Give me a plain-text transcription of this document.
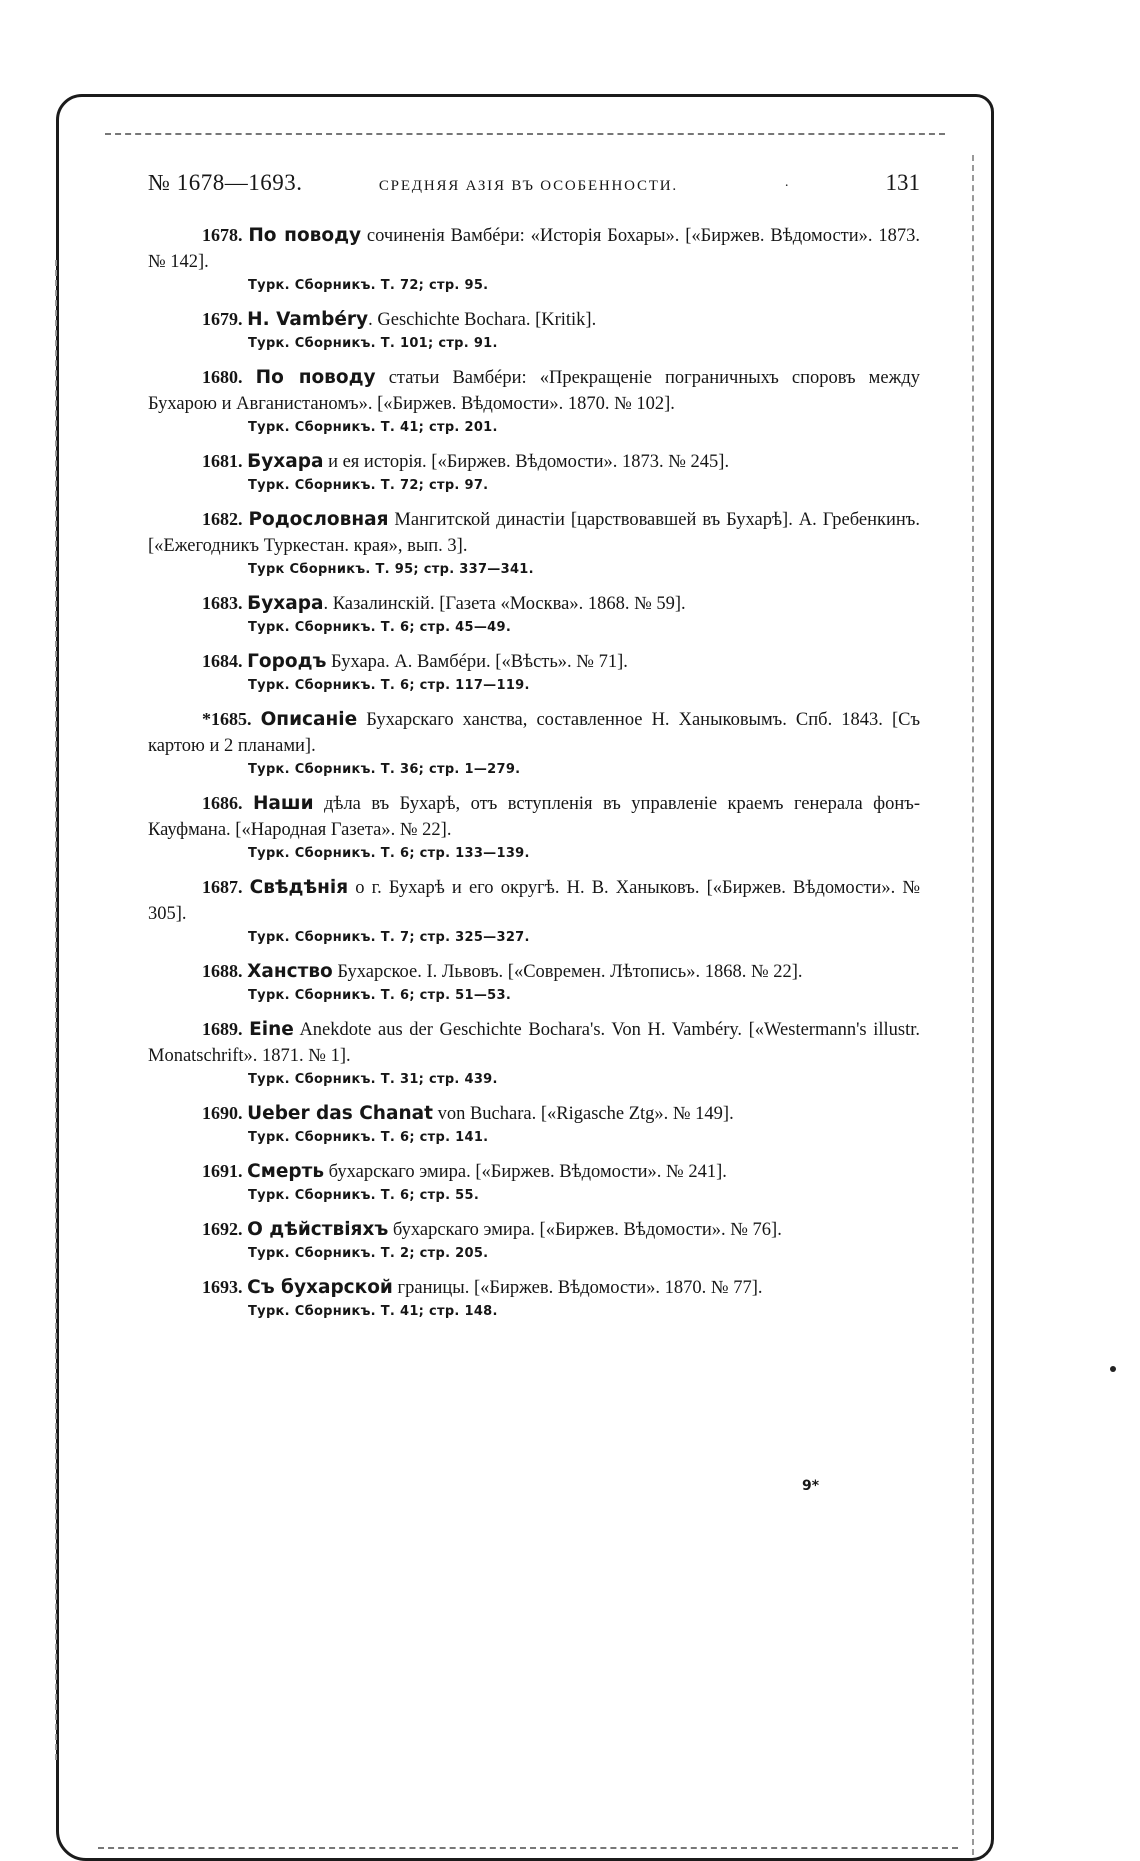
№ 1678—1693.	СРЕДНЯЯ АЗІЯ ВЪ ОСОБЕННОСТИ.	·	131
1678. По поводу сочиненія Вамбéри: «Исторія Бохары». [«Биржев. Вѣдомости». 1873. № 142].
Турк. Сборникъ. Т. 72; стр. 95.
1679. H. Vambéry. Geschichte Bochara. [Kritik].
Турк. Сборникъ. Т. 101; стр. 91.
1680. По поводу статьи Вамбéри: «Прекращеніе пограничныхъ споровъ между Бухарою и Авганистаномъ». [«Биржев. Вѣдомости». 1870. № 102].
Турк. Сборникъ. Т. 41; стр. 201.
1681. Бухара и ея исторія. [«Биржев. Вѣдомости». 1873. № 245].
Турк. Сборникъ. Т. 72; стр. 97.
1682. Родословная Мангитской династіи [царствовавшей въ Бухарѣ]. А. Гребенкинъ. [«Ежегодникъ Туркестан. края», вып. 3].
Турк Сборникъ. Т. 95; стр. 337—341.
1683. Бухара. Казалинскій. [Газета «Москва». 1868. № 59].
Турк. Сборникъ. Т. 6; стр. 45—49.
1684. Городъ Бухара. А. Вамбéри. [«Вѣсть». № 71].
Турк. Сборникъ. Т. 6; стр. 117—119.
*1685. Описаніе Бухарскаго ханства, составленное Н. Ханыковымъ. Спб. 1843. [Съ картою и 2 планами].
Турк. Сборникъ. Т. 36; стр. 1—279.
1686. Наши дѣла въ Бухарѣ, отъ вступленія въ управленіе краемъ генерала фонъ-Кауфмана. [«Народная Газета». № 22].
Турк. Сборникъ. Т. 6; стр. 133—139.
1687. Свѣдѣнія о г. Бухарѣ и его округѣ. Н. В. Ханыковъ. [«Биржев. Вѣдомости». № 305].
Турк. Сборникъ. Т. 7; стр. 325—327.
1688. Ханство Бухарское. І. Львовъ. [«Современ. Лѣтопись». 1868. № 22].
Турк. Сборникъ. Т. 6; стр. 51—53.
1689. Eine Anekdote aus der Geschichte Bochara's. Von H. Vambéry. [«Westermann's illustr. Monatschrift». 1871. № 1].
Турк. Сборникъ. Т. 31; стр. 439.
1690. Ueber das Chanat von Buchara. [«Rigasche Ztg». № 149].
Турк. Сборникъ. Т. 6; стр. 141.
1691. Смерть бухарскаго эмира. [«Биржев. Вѣдомости». № 241].
Турк. Сборникъ. Т. 6; стр. 55.
1692. О дѣйствіяхъ бухарскаго эмира. [«Биржев. Вѣдомости». № 76].
Турк. Сборникъ. Т. 2; стр. 205.
1693. Съ бухарской границы. [«Биржев. Вѣдомости». 1870. № 77].
Турк. Сборникъ. Т. 41; стр. 148.
9*
